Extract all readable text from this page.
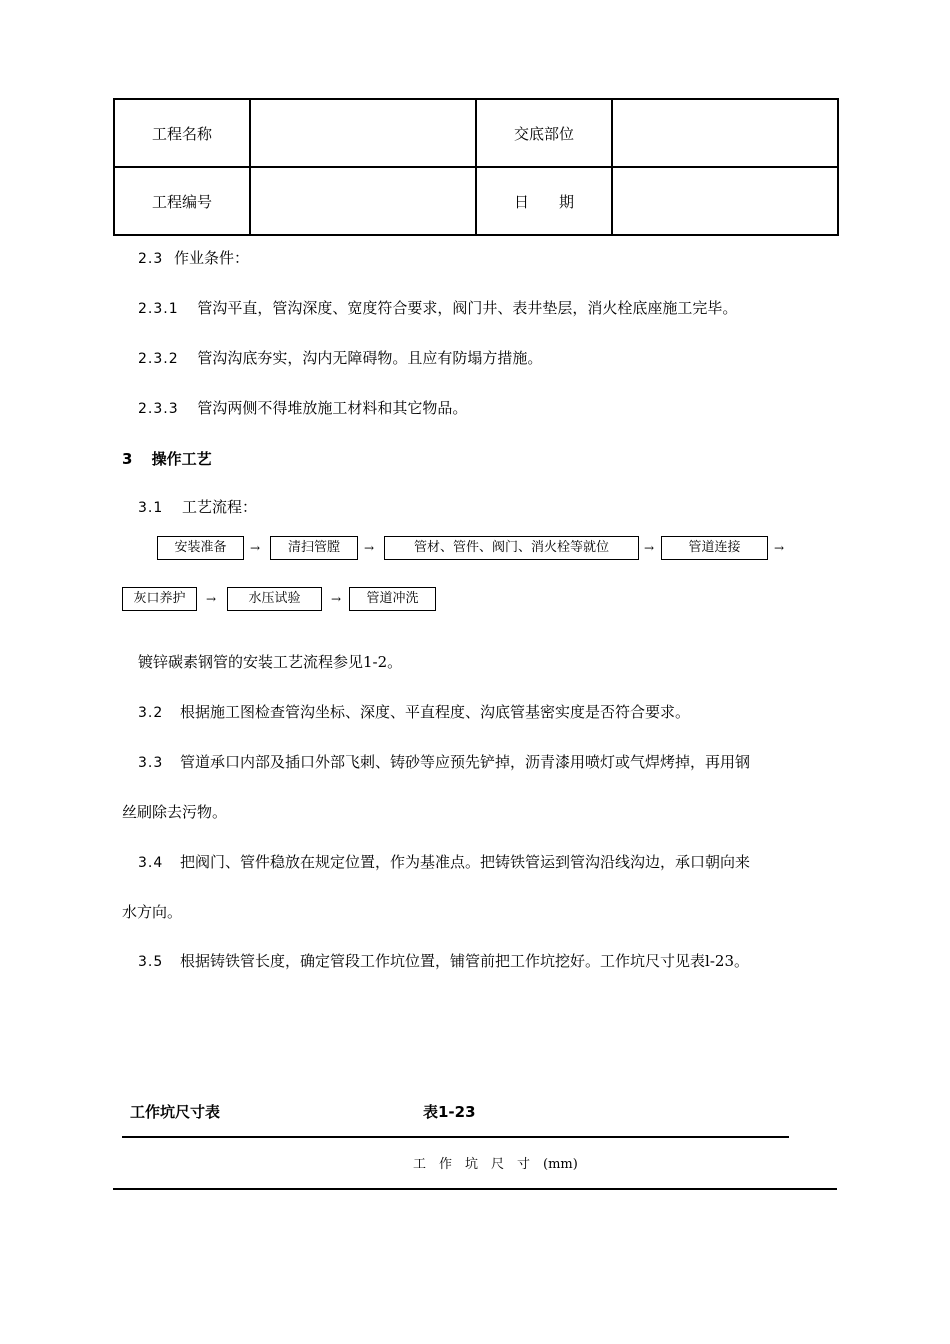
工程名称		交底部位	
工程编号		日　　期	
2.3 作业条件：
2.3.1 管沟平直，管沟深度、宽度符合要求，阀门井、表井垫层，消火栓底座施工完毕。
2.3.2 管沟沟底夯实，沟内无障碍物。且应有防塌方措施。
2.3.3 管沟两侧不得堆放施工材料和其它物品。
3 操作工艺
3.1 工艺流程：
安装准备	→	清扫管膛	→	管材、管件、阀门、消火栓等就位	→	管道连接	→
灰口养护	→	水压试验	→	管道冲洗
镀锌碳素钢管的安装工艺流程参见1-2。
3.2 根据施工图检查管沟坐标、深度、平直程度、沟底管基密实度是否符合要求。
3.3 管道承口内部及插口外部飞刺、铸砂等应预先铲掉，沥青漆用喷灯或气焊烤掉，再用钢
丝刷除去污物。
3.4 把阀门、管件稳放在规定位置，作为基准点。把铸铁管运到管沟沿线沟边，承口朝向来
水方向。
3.5 根据铸铁管长度，确定管段工作坑位置，铺管前把工作坑挖好。工作坑尺寸见表l-23。
工作坑尺寸表	表1-23
工　作　坑　尺　寸　(mm)
